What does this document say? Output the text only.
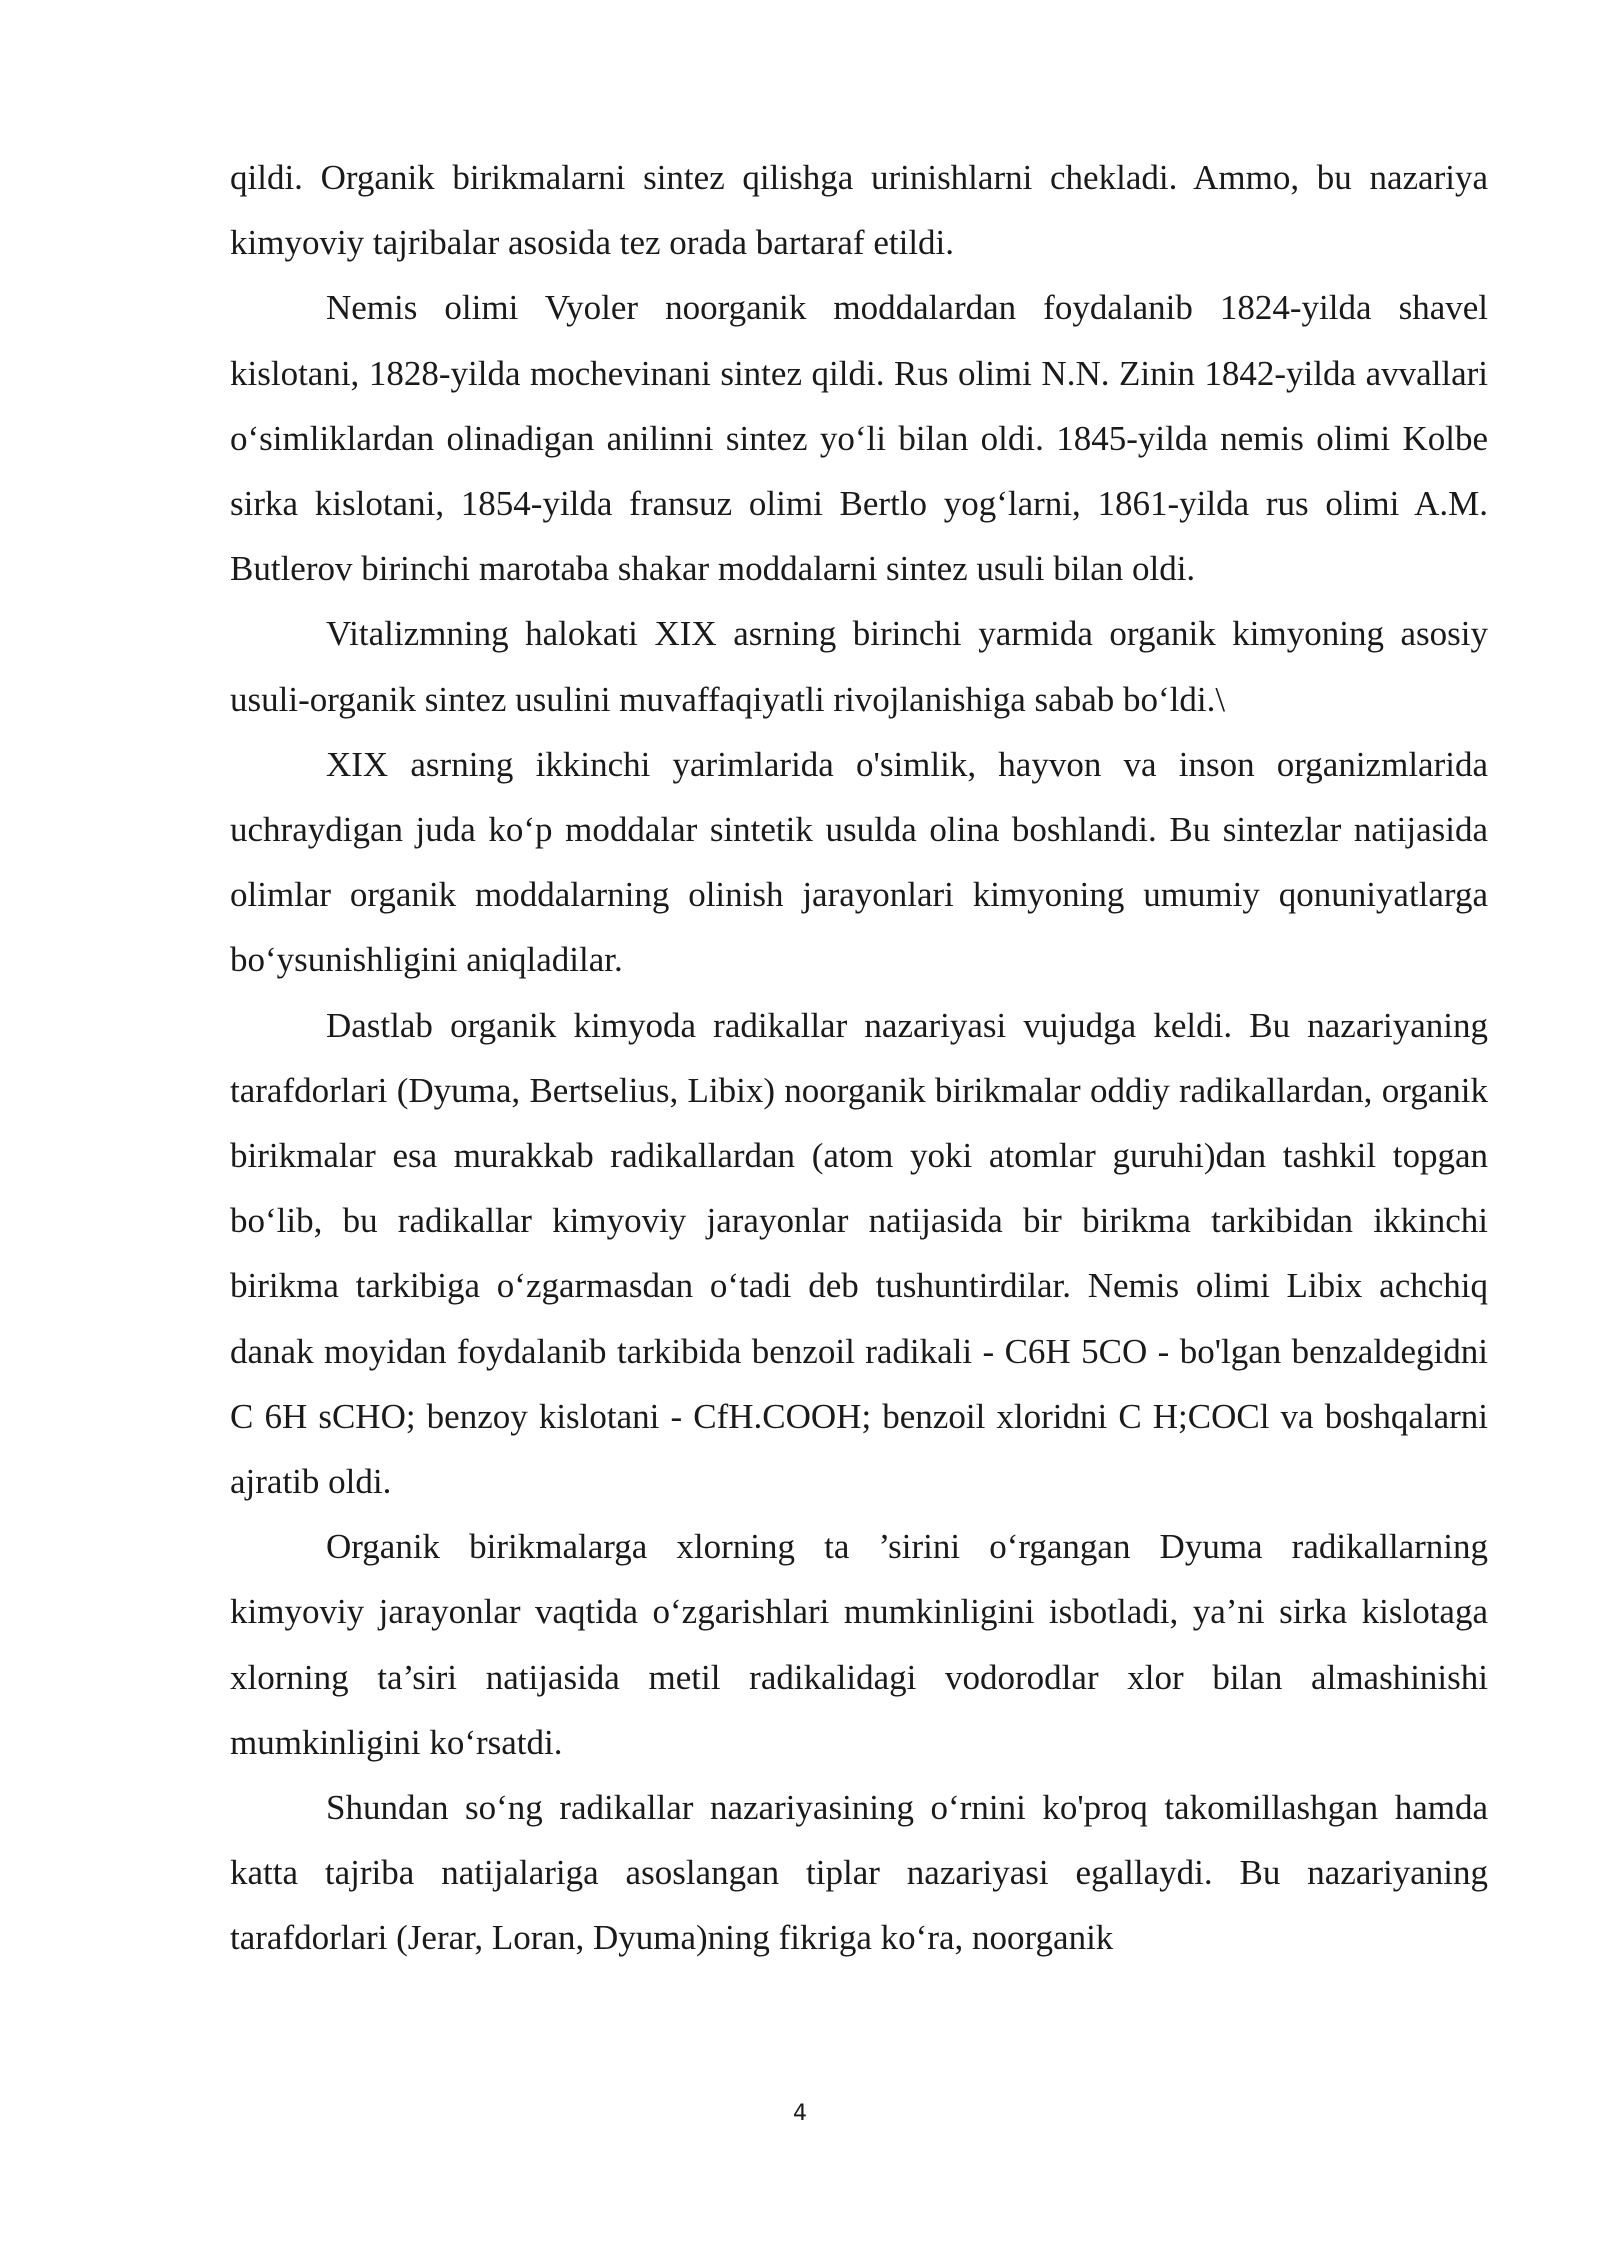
qildi. Organik birikmalarni sintez qilishga urinishlarni chekladi. Ammo, bu nazariya kimyoviy tajribalar asosida tez orada bartaraf etildi.

Nemis olimi Vyoler noorganik moddalardan foydalanib 1824-yilda shavel kislotani, 1828-yilda mochevinani sintez qildi. Rus olimi N.N. Zinin 1842-yilda avvallari o‘simliklardan olinadigan anilinni sintez yo‘li bilan oldi. 1845-yilda nemis olimi Kolbe sirka kislotani, 1854-yilda fransuz olimi Bertlo yog‘larni, 1861-yilda rus olimi A.M. Butlerov birinchi marotaba shakar moddalarni sintez usuli bilan oldi.

Vitalizmning halokati XIX asrning birinchi yarmida organik kimyoning asosiy usuli-organik sintez usulini muvaffaqiyatli rivojlanishiga sabab bo‘ldi.\

XIX asrning ikkinchi yarimlarida o'simlik, hayvon va inson organizmlarida uchraydigan juda ko‘p moddalar sintetik usulda olina boshlandi. Bu sintezlar natijasida olimlar organik moddalarning olinish jarayonlari kimyoning umumiy qonuniyatlarga bo‘ysunishligini aniqladilar.

Dastlab organik kimyoda radikallar nazariyasi vujudga keldi. Bu nazariyaning tarafdorlari (Dyuma, Bertselius, Libix) noorganik birikmalar oddiy radikallardan, organik birikmalar esa murakkab radikallardan (atom yoki atomlar guruhi)dan tashkil topgan bo‘lib, bu radikallar kimyoviy jarayonlar natijasida bir birikma tarkibidan ikkinchi birikma tarkibiga o‘zgarmasdan o‘tadi deb tushuntirdilar. Nemis olimi Libix achchiq danak moyidan foydalanib tarkibida benzoil radikali - C6H 5CO - bo'lgan benzaldegidni C 6H sCHO; benzoy kislotani - CfH.COOH; benzoil xloridni C H;COCl va boshqalarni ajratib oldi.

Organik birikmalarga xlorning ta ’sirini o‘rgangan Dyuma radikallarning kimyoviy jarayonlar vaqtida o‘zgarishlari mumkinligini isbotladi, ya’ni sirka kislotaga xlorning ta’siri natijasida metil radikalidagi vodorodlar xlor bilan almashinishi mumkinligini ko‘rsatdi.

Shundan so‘ng radikallar nazariyasining o‘rnini ko'proq takomillashgan hamda katta tajriba natijalariga asoslangan tiplar nazariyasi egallaydi. Bu nazariyaning tarafdorlari (Jerar, Loran, Dyuma)ning fikriga ko‘ra, noorganik

4
